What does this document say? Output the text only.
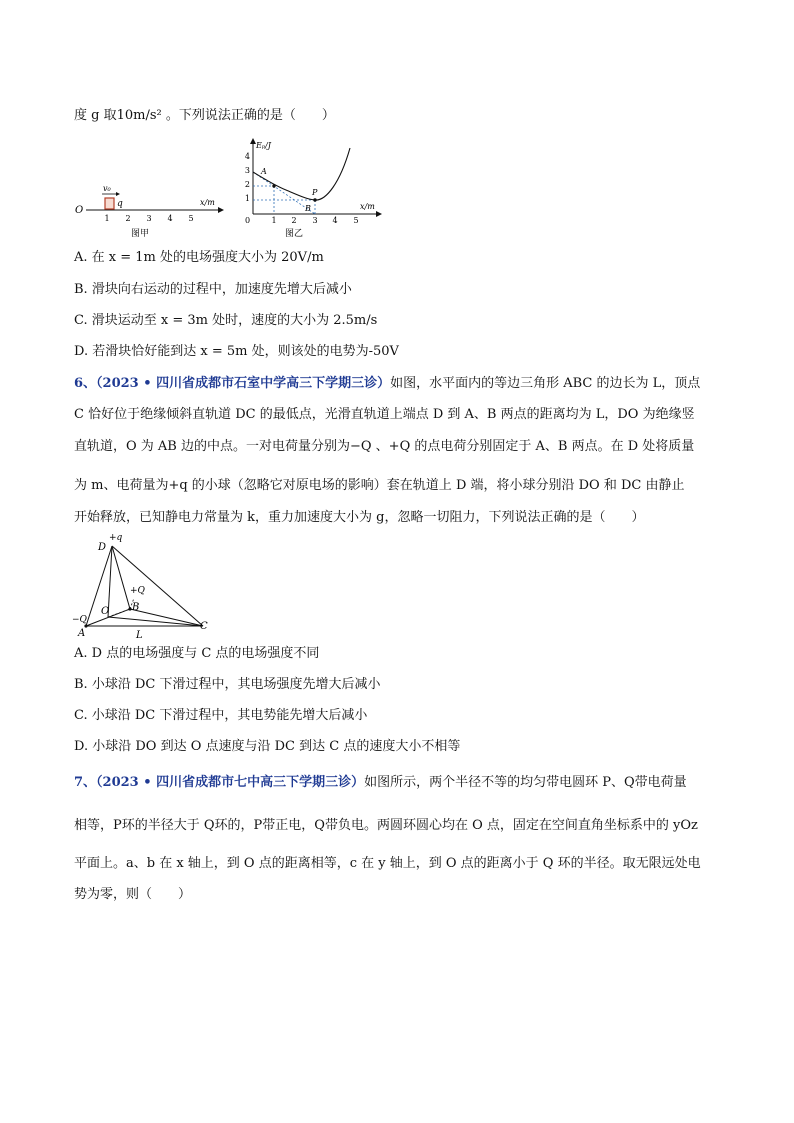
度 g 取10m/s² 。下列说法正确的是（　　）
v₀
q
O
x/m
1 2 3 4 5
图甲
Eₚ/J
x/m
0
1
2
3
4
1 2 3 4 5
A
P
B
图乙
A. 在 x = 1m 处的电场强度大小为 20V/m
B. 滑块向右运动的过程中，加速度先增大后减小
C. 滑块运动至 x = 3m 处时，速度的大小为 2.5m/s
D. 若滑块恰好能到达 x = 5m 处，则该处的电势为-50V
6、（2023 • 四川省成都市石室中学高三下学期三诊）如图，水平面内的等边三角形 ABC 的边长为 L，顶点
C 恰好位于绝缘倾斜直轨道 DC 的最低点，光滑直轨道上端点 D 到 A、B 两点的距离均为 L，DO 为绝缘竖
直轨道，O 为 AB 边的中点。一对电荷量分别为−Q 、+Q 的点电荷分别固定于 A、B 两点。在 D 处将质量
为 m、电荷量为+q 的小球（忽略它对原电场的影响）套在轨道上 D 端，将小球分别沿 DO 和 DC 由静止
开始释放，已知静电力常量为 k，重力加速度大小为 g，忽略一切阻力，下列说法正确的是（　　）
D
+q
+Q
−Q
O B
A
C
L
A. D 点的电场强度与 C 点的电场强度不同
B. 小球沿 DC 下滑过程中，其电场强度先增大后减小
C. 小球沿 DC 下滑过程中，其电势能先增大后减小
D. 小球沿 DO 到达 O 点速度与沿 DC 到达 C 点的速度大小不相等
7、（2023 • 四川省成都市七中高三下学期三诊）如图所示，两个半径不等的均匀带电圆环 P、Q带电荷量
相等，P环的半径大于 Q环的，P带正电，Q带负电。两圆环圆心均在 O 点，固定在空间直角坐标系中的 yOz
平面上。a、b 在 x 轴上，到 O 点的距离相等，c 在 y 轴上，到 O 点的距离小于 Q 环的半径。取无限远处电
势为零，则（　　）
